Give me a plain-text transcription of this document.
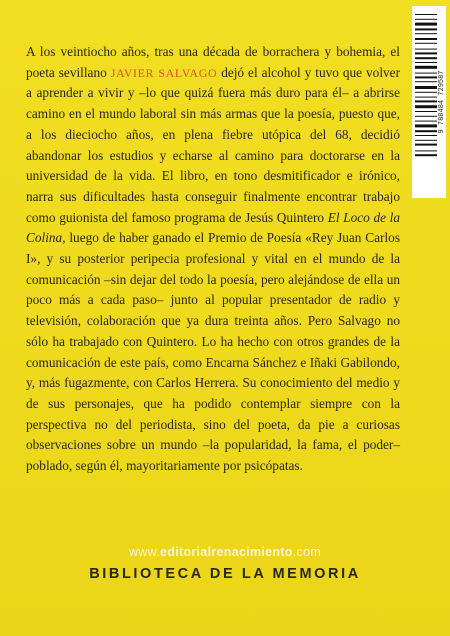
A los veintiocho años, tras una década de borrachera y bohemia, el poeta sevillano JAVIER SALVAGO dejó el alcohol y tuvo que volver a aprender a vivir y –lo que quizá fuera más duro para él– a abrirse camino en el mundo laboral sin más armas que la poesía, puesto que, a los dieciocho años, en plena fiebre utópica del 68, decidió abandonar los estudios y echarse al camino para doctorarse en la universidad de la vida. El libro, en tono desmitificador e irónico, narra sus dificultades hasta conseguir finalmente encontrar trabajo como guionista del famoso programa de Jesús Quintero El Loco de la Colina, luego de haber ganado el Premio de Poesía «Rey Juan Carlos I», y su posterior peripecia profesional y vital en el mundo de la comunicación –sin dejar del todo la poesía, pero alejándose de ella un poco más a cada paso– junto al popular presentador de radio y televisión, colaboración que ya dura treinta años. Pero Salvago no sólo ha trabajado con Quintero. Lo ha hecho con otros grandes de la comunicación de este país, como Encarna Sánchez e Iñaki Gabilondo, y, más fugazmente, con Carlos Herrera. Su conocimiento del medio y de sus personajes, que ha podido contemplar siempre con la perspectiva no del periodista, sino del poeta, da pie a curiosas observaciones sobre un mundo –la popularidad, la fama, el poder– poblado, según él, mayoritariamente por psicópatas.

9 788484 729587
www.editorialrenacimiento.com
BIBLIOTECA DE LA MEMORIA
